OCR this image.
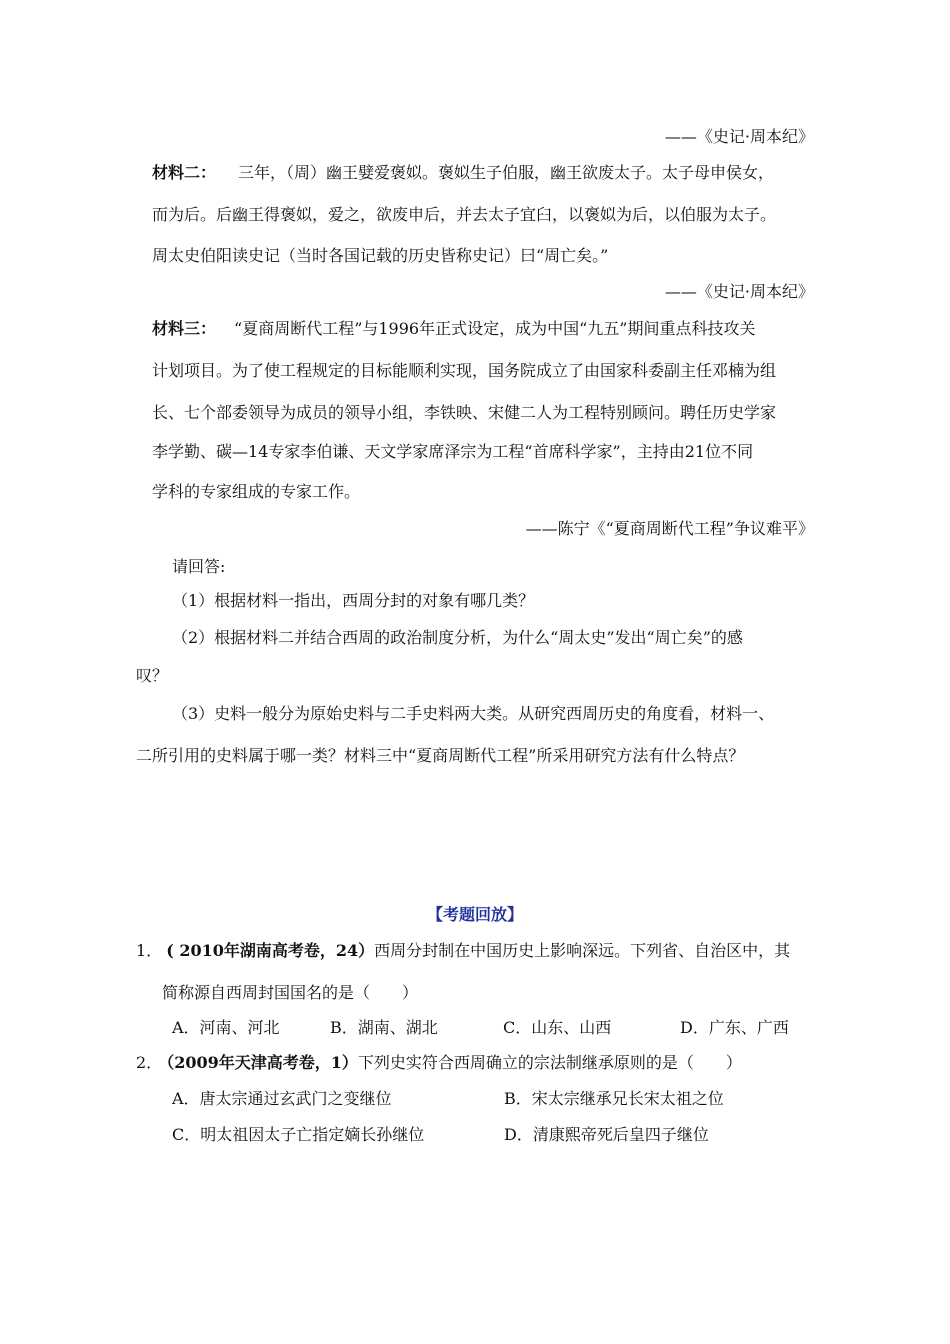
——《史记·周本纪》
材料二： 三年，（周）幽王嬖爱褒姒。褒姒生子伯服，幽王欲废太子。太子母申侯女，
而为后。后幽王得褒姒，爱之，欲废申后，并去太子宜臼，以褒姒为后，以伯服为太子。
周太史伯阳读史记（当时各国记载的历史皆称史记）曰“周亡矣。”
——《史记·周本纪》
材料三： “夏商周断代工程”与1996年正式设定，成为中国“九五”期间重点科技攻关
计划项目。为了使工程规定的目标能顺利实现，国务院成立了由国家科委副主任邓楠为组
长、七个部委领导为成员的领导小组，李铁映、宋健二人为工程特别顾问。聘任历史学家
李学勤、碳—14专家李伯谦、天文学家席泽宗为工程“首席科学家”，主持由21位不同
学科的专家组成的专家工作。
——陈宁《“夏商周断代工程”争议难平》
请回答:
（1）根据材料一指出，西周分封的对象有哪几类？
（2）根据材料二并结合西周的政治制度分析，为什么“周太史”发出“周亡矣”的感
叹？
（3）史料一般分为原始史料与二手史料两大类。从研究西周历史的角度看，材料一、
二所引用的史料属于哪一类？材料三中“夏商周断代工程”所采用研究方法有什么特点？
【考题回放】
1． ( 2010年湖南高考卷，24）西周分封制在中国历史上影响深远。下列省、自治区中，其
简称源自西周封国国名的是（　　）
A．河南、河北	B．湖南、湖北	C．山东、山西	D．广东、广西
2． （2009年天津高考卷，1）下列史实符合西周确立的宗法制继承原则的是（　　）
A．唐太宗通过玄武门之变继位	B．宋太宗继承兄长宋太祖之位
C．明太祖因太子亡指定嫡长孙继位	D．清康熙帝死后皇四子继位
